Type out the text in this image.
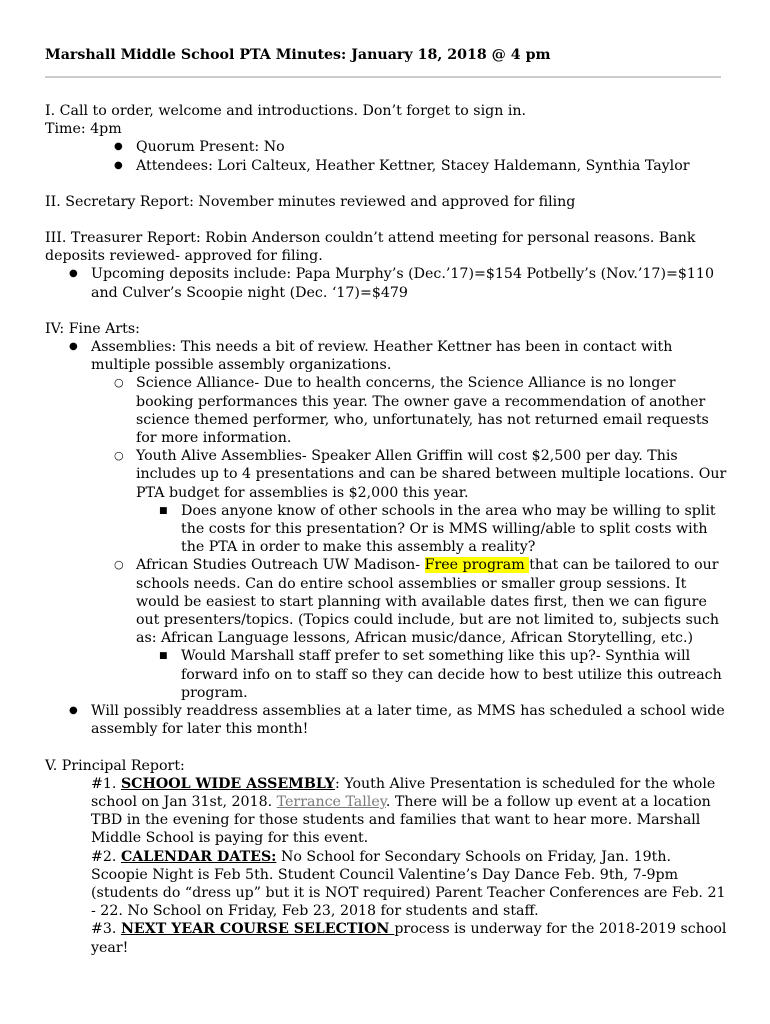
Marshall Middle School PTA Minutes: January 18, 2018 @ 4 pm

I. Call to order, welcome and introductions. Don’t forget to sign in.

Time: 4pm

● Quorum Present: No
● Attendees: Lori Calteux, Heather Kettner, Stacey Haldemann, Synthia Taylor

II. Secretary Report: November minutes reviewed and approved for filing

III. Treasurer Report: Robin Anderson couldn’t attend meeting for personal reasons. Bank deposits reviewed- approved for filing.

● Upcoming deposits include: Papa Murphy’s (Dec.’17)=$154 Potbelly’s (Nov.’17)=$110 and Culver’s Scoopie night (Dec. ‘17)=$479

IV: Fine Arts:

● Assemblies: This needs a bit of review. Heather Kettner has been in contact with multiple possible assembly organizations.
○ Science Alliance- Due to health concerns, the Science Alliance is no longer booking performances this year. The owner gave a recommendation of another science themed performer, who, unfortunately, has not returned email requests for more information.
○ Youth Alive Assemblies- Speaker Allen Griffin will cost $2,500 per day. This includes up to 4 presentations and can be shared between multiple locations. Our PTA budget for assemblies is $2,000 this year.
■ Does anyone know of other schools in the area who may be willing to split the costs for this presentation? Or is MMS willing/able to split costs with the PTA in order to make this assembly a reality?
○ African Studies Outreach UW Madison- Free program that can be tailored to our schools needs. Can do entire school assemblies or smaller group sessions. It would be easiest to start planning with available dates first, then we can figure out presenters/topics. (Topics could include, but are not limited to, subjects such as: African Language lessons, African music/dance, African Storytelling, etc.)
■ Would Marshall staff prefer to set something like this up?- Synthia will forward info on to staff so they can decide how to best utilize this outreach program.
● Will possibly readdress assemblies at a later time, as MMS has scheduled a school wide assembly for later this month!

V. Principal Report:

#1. SCHOOL WIDE ASSEMBLY: Youth Alive Presentation is scheduled for the whole school on Jan 31st, 2018. Terrance Talley. There will be a follow up event at a location TBD in the evening for those students and families that want to hear more. Marshall Middle School is paying for this event.

#2. CALENDAR DATES: No School for Secondary Schools on Friday, Jan. 19th. Scoopie Night is Feb 5th. Student Council Valentine’s Day Dance Feb. 9th, 7-9pm (students do “dress up” but it is NOT required) Parent Teacher Conferences are Feb. 21 - 22. No School on Friday, Feb 23, 2018 for students and staff.

#3. NEXT YEAR COURSE SELECTION process is underway for the 2018-2019 school year!
